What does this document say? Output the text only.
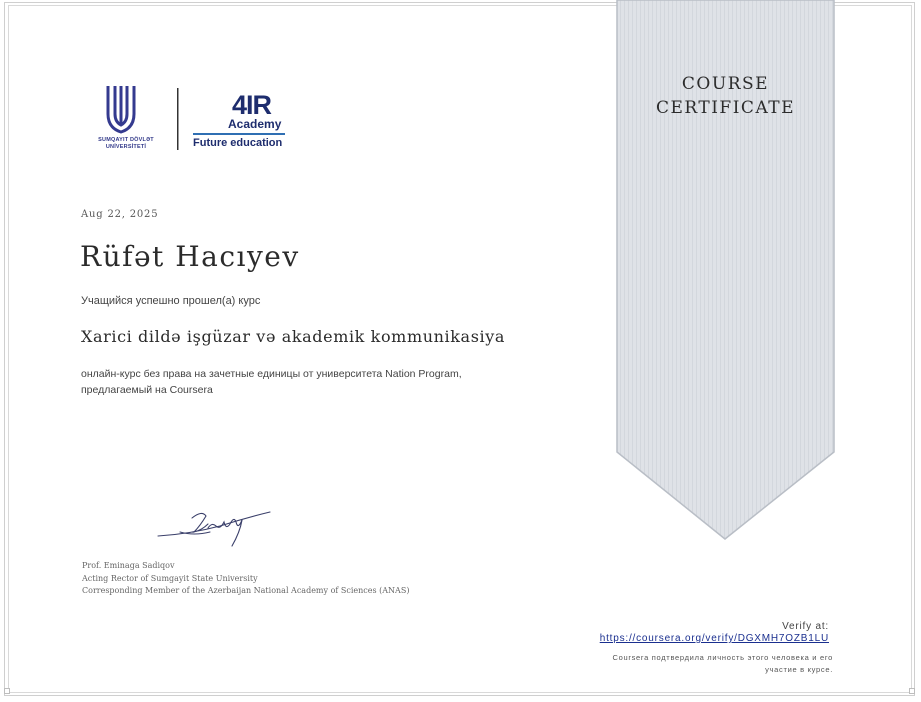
COURSE
CERTIFICATE
SUMQAYIT DÖVLƏT
UNİVERSİTETİ
4IR
Academy
Future education
Aug 22, 2025
Rüfət Hacıyev
Учащийся успешно прошел(а) курс
Xarici dildə işgüzar və akademik kommunikasiya
онлайн-курс без права на зачетные единицы от университета Nation Program,
предлагаемый на Coursera
Prof. Eminaga Sadiqov
Acting Rector of Sumgayit State University
Corresponding Member of the Azerbaijan National Academy of Sciences (ANAS)
Verify at:
https://coursera.org/verify/DGXMH7OZB1LU
Coursera подтвердила личность этого человека и его
участие в курсе.
